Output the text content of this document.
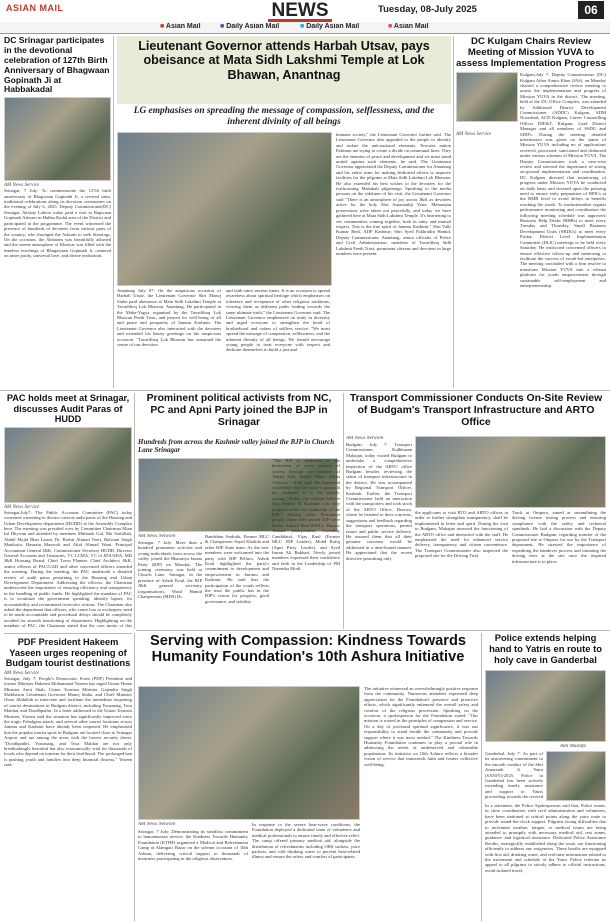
ASIAN MAIL	NEWS	Tuesday, 08-July 2025	06
■ Asian Mail	■ Daily Asian Mail	■ Daily Asian Mail	■ Asian Mail
DC Srinagar participates in the devotional celebration of 127th Birth Anniversary of Bhagwaan Gopinath Ji at Habbakadal
AM News Service
Srinagar, 7 July: To commemorate the 127th birth anniversary of Bhagwaan Gopinath Ji, a revered saint, traditional celebrations along its devotion ceremonies on the evening of July 6, 2025. Deputy Commissioner(DC) Srinagar, Akshay Labroo today paid a visit to Bagwaan Gopinath Ashram in Habba Kadal area of the District and participated in the programme. The event witnessed the presence of hundreds of devotees from various parts of the country, who thronged the Ashram to seek blessings. On the occasion, the Akshram was beautifully adorned and the serene atmosphere of Kharyar was filled with the timeless teachings of Bhagawaan Gopinath Ji, centered on inner purity, universal love, and divine realization.
Lieutenant Governor attends Harbah Utsav, pays obeisance at Mata Sidh Lakshmi Temple at Lok Bhawan, Anantnag
LG emphasises on spreading the message of compassion, selflessness, and the inherent divinity of all beings
Anantnag July 07: On the auspicious occasion of Harbah Utsav, the Lieutenant Governor Shri Manoj Sinha paid obeisance at Mata Sidh Lakshmi Temple at Tavarliboq Lok Bhawan, Anantnag. He participated in the Maha-Yagya organised by the Tavarliboq Lok Bhawan Peeth Trust, and prayed for well-being of all and peace and prosperity of Jammu Kashmir. The Lieutenant Governor also interacted with the devotees and extended his hearty greetings on the auspicious occasion. "Tavarliboq Lok Bhawan has remained the centre of our devotion
and faith since ancient times. It is an occasion to spread awareness about spiritual heritage which emphasises on tolerance and acceptance of other religious traditions, viewing them as different paths leading towards the same ultimate truth," the Lieutenant Governor said. The Lieutenant Governor emphasised on unity in diversity and urged everyone to strengthen the bond of brotherhood and values of selfless service. "We must spread the message of compassion, selflessness, and the inherent divinity of all beings. We should encourage young people to treat everyone with respect and dedicate themselves to build a just and
humane society," the Lieutenant Governor further said. The Lieutenant Governor also appealed to the people to identify and isolate the anti-national elements. Terrorist nation Pakistan are trying to create a divide on communal lines. They are the enemies of peace and development and we must stand united against such elements, he said. The Lieutenant Governor appreciated the Deputy Commissioner for Anantnag and his entire team for making dedicated efforts to improve facilities for the pilgrims at Mata Sidh Lakshmi Lok Bhawan. He also extended his best wishes to the devotees for the forthcoming Mahakali pilgrimage. Speaking to the media persons on the sidelines of his visit, the Lieutenant Governor said "There is an atmosphere of joy across J&K as devotees arrive for the holy Shri Amarnathji Yatra. Maharajan possessions were taken out peacefully, and today we have gathered here at Mata Sidh Lakshmi Temple. It's heartening to see communities coming together, both in unity and mutual respect. This is the true spirit of Jammu Kashmir." Shri Vallr Kumar Bedi, ADP Kashmir; Shri Syed Fakhrudin Hamid, Deputy Commissioner, Anantnag; senior officials of Police and Civil Administration, members of Tavarliboq Sidh Lakshmi Peeth Trust, prominent citizens and devotees in large numbers were present.
DC Kulgam Chairs Review Meeting of Mission YUVA to assess Implementation Progress
Kulgam,July 7: Deputy Commissioner (DC) Kulgam Athar Aamir Khan (IAS), on Monday chaired a comprehensive review meeting to assess the implementation and progress of Mission YUVA in the district. The meeting, held at the DC Office Complex, was attended by Additional District Development Commissioner (ADDC) Kulgam, SDM Noorabad, ACD Kulgam, Career Counselling Officer DIE&T, Kulgam, Lead District Manager and all members of SSDU and SDIFs. During the meeting detailed information was given on the status of Mission YUVA including no of applications received, processed, sanctioned and disbursed under various schemes of Mission YUVA. The Deputy Commissioner took a case-wise review and stressed the importance of strong on-ground implementation and coordination. DC Kulgam directed that monitoring of progress under Mission YUVA be conducted on daily basis and stressed upon the pressing need to ensure early preparation of BPICs at the BMB level to avoid delays in benefits reaching the youth. To institutionalize regular performance monitoring and coordination the following meeting schedule was approved: Business Help Desks (BHBs) to meet every Tuesday and Thursday. Small Business Development Units (SBDUs) to meet every Friday. District Level Implementation Committee (DLIC) meetings to be held every Saturday. He instructed concerned officers to ensure effective follow-up and mentoring to facilitate the success of youth-led enterprises. The meeting concluded with a firm resolve to transform Mission YUVA into a vibrant platform for youth empowerment through sustainable self-employment and entrepreneurship.
AM News Service
PAC holds meet at Srinagar, discusses Audit Paras of HUDD
AM News Service
Srinagar,July7: The Public Accounts Committee (PAC) today convened a meeting to discuss various audit paras of the Housing and Urban Development department (HUDD) at the Assembly Complex here. The meeting was presided over by Committee Chairman Mian Inl Dhywan and attended by members Mubarak Gul, Mir Saifullah, Abdul Majid Bhat Larmi, Dr. Bashir Ahmad Veeri, Balwant Singh Mankotia, Hasnain Masoodi and Altaf Ahmad Wani. Principal Accountant General J&K, Commissioner Secretary HUDD, Director General Accounts and Treasuries, VC LCMA, VC of JDA/SDA, MD J&K Housing Board, Chief Town Planner, Chief Architect J&K, senior officers of PAC/GAD and other concerned officers attended the meeting. During the meeting, the PAC undertook a detailed review of audit paras pertaining to the Housing and Urban Development Department. Addressing the officers, the Chairman underscored the importance of ensuring efficiency and transparency in the handling of public funds. He highlighted the mandate of PAC is to scrutinize the government spending, identify lapses, fix accountability and recommend corrective actions. The Chairman also asked the department that officers, who cause loss to exchequer, need to be made accountable and procedural delays should be completely avoided for smooth functioning of department. Highlighting on the mandate of PAC, the Chairman stated that the core motto of this
Prominent political activists from NC, PC and Apni Party joined the BJP in Srinagar
Hundreds from across the Kashmir valley joined the BJP in Church Lane Srinagar
AM News Network
Srinagar, 7 July: More than a hundred prominent activists and young individuals from across the valley joined the Bharatiya Janata Party (BJP) on Monday. The joining ceremony was held at Church Lane, Srinagar, in the presence of Ashok Koul, the BJP J&K general secretary (organisation), Wasif Hamid Chairpersom (MDS) Dr.
Bandehan Andrabi, Former MLC & Chairperson Sayid Khalida and other BJP State team. As the new members were welcomed into the party with BJP Pellucs, Ashok Koul highlighted the party's commitment to development and empowerment in Jammu and Kashmir. He said that the participation of the youth reflects the trust the public has in the BJP's vision for progress, good governance, and stability.
"The BJP is dedicated to the betterment of every section of society through our promise of 'Sabka Sath, Sabka Vikas, Sabka Vishwas'," Koul said. He expressed confidence that the party's approach has endeared it to the people, stating, "Today, the citizens believe that Jammu & Kashmir can only progress under the leadership of the BJP." Among other Prominent people, those who joined BJP were Bashir Ahmad Bhat (DDC), Mansor Ahmad (Independent Assembly Candidate), Vijay Kaul (Former MLC JDP Leader), Mohd Rafiq (Apni Party Leader), and Syed Imran Ali Bukhari. Newly joined members expressed their confidence and faith in the Leadership of PM Narendra Modi.
Transport Commissioner Conducts On-Site Review of Budgam's Transport Infrastructure and ARTO Office
AM News Network
Budgam, July 7: Transport Commissioner, Kulbhusan Mahajan, today visited Budgam to undertake a comprehensive inspection of the ARTO office Budgam besides reviewing the status of transport infrastructure in the district. He was accompanied by Regional Transport Officer, Kashmir. Earlier, the Transport Commissioner held an interaction with the transporters and took stock of the ARTO Office, Beerwa, where he listened to their concerns, suggestions and feedback regarding the transport operations, permit issues and public service delivery. He assured them that all their genuine concerns would be addressed in a time-bound manner. He appreciated that the recent directive permitting only
the applicants to visit RTO and ARTO offices in order to further strengthen transparency, shall be implemented in letter and spirit. During his visit to Budgam, Mahajan assessed the functioning of the ARTO office and interacted with the staff. He emphasised the need for enhanced service delivery, transparency and citizen convenience. The Transport Commissioner also inspected the proposed site for the Driving Trial
Track at Ompora, aimed at streamlining the driving license testing process and ensuring compliance with the safety and technical standards. He laid a discussion with the Deputy Commissioner Budgam, regarding transfer of the proposed site at Ompora for use by the Transport department. He stressed the importance of expediting the handover process and initiating the driving tests at the site once the required infrastructure is in place.
Serving with Compassion: Kindness Towards Humanity Foundation's 10th Ashura Initiative
AM News Network
Srinagar, 7 July: Demonstrating its steadfast commitment to humanitarian service, the Kindness Towards Humanity Foundation (KTHF) organized a Medical and Refreshment Camp at Alamgari Bazar on the solemn occasion of 10th Ashura, delivering critical support to thousands of mourners participating in the religious observances.
In response to the severe heat-wave conditions, the Foundation deployed a dedicated team of volunteers and medical professionals to ensure timely and effective relief. The camp offered primary medical aid, alongside the distribution of refreshments including ORS sachets, juice packets, and cold drinking water to prevent heat-related illness and ensure the safety and comfort of participants.
The initiative witnessed an overwhelmingly positive response from the community. Numerous attendees expressed deep appreciation for the Foundation's presence and proactive efforts, which significantly enhanced the overall safety and comfort of the religious procession. Speaking on the occasion, a spokesperson for the Foundation stated: "Our mission is rooted in the principles of compassion and service. On a day of profound spiritual significance, it was our responsibility to stand beside the community and provide support where it was most needed." The Kindness Towards Humanity Foundation continues to play a pivotal role in addressing the needs of underserved and vulnerable populations. Its initiative on 10th Ashura reflects a broader vision of service that transcends faith and fosters collective well-being.
PDF President Hakeem Yaseen urges reopening of Budgam tourist destinations
AM News Service
Srinagar, July 7: People's Democratic Front (PDF) President and former Minister Hakeem Mohammad Yaseen has urged Union Home Minister Amit Shah, Union Tourism Minister Gajendra Singh Shekhawat Lieutenant Governor Manoj Sinha, and Chief Minister Omar Abdullah to intervene and facilitate the immediate reopening of tourist destinations in Budgam district, including Yousmarg, Tosa Maidan, and Doodhpathri. In a letter addressed to the Union Tourism Minister, Yaseen said the situation has significantly improved since the tragic Pahalgam attack, and several other tourist locations across Jammu and Kashmir have already been reopened. He emphasised that the popular tourist spots in Budgam are located close to Srinagar Airport and are among the areas with the lowest security threat. "Doodhpathri, Yousmarg, and Tosa Maidan are not only breathtakingly beautiful but also economically vital for thousands of locals who depend on tourism for their livelihood. The prolonged ban is pushing youth and families into deep financial distress," Yaseen said.
Police extends helping hand to Yatris en route to holy cave in Ganderbal
Adil Mustafa
Ganderbal, July 7: As part of its unwavering commitment to the smooth conduct of the Shri Amarnath Ji Yatra (SANJY)-2025, Police in Ganderbal has been actively extending timely assistance and support to Yatris proceeding towards the revered
In a statement, the Police Spokesperson said that, Police teams, in close coordination with civil administration and volunteers, have been stationed at critical points along the yatra route to provide round-the-clock support. Pilgrims facing difficulties due to inclement weather, fatigue, or medical issues are being attended to promptly with necessary medical aid, rest zones, guidance, and logistical assistance. Dedicated Police Assistance Booths, strategically established along the route, are functioning efficiently to address any exigencies. These booths are equipped with first aid, drinking water, and real-time information related to the movement and schedule of the Yatra. Police reiterate its appeal to all pilgrims to strictly adhere to official instructions, avoid isolated travel,
